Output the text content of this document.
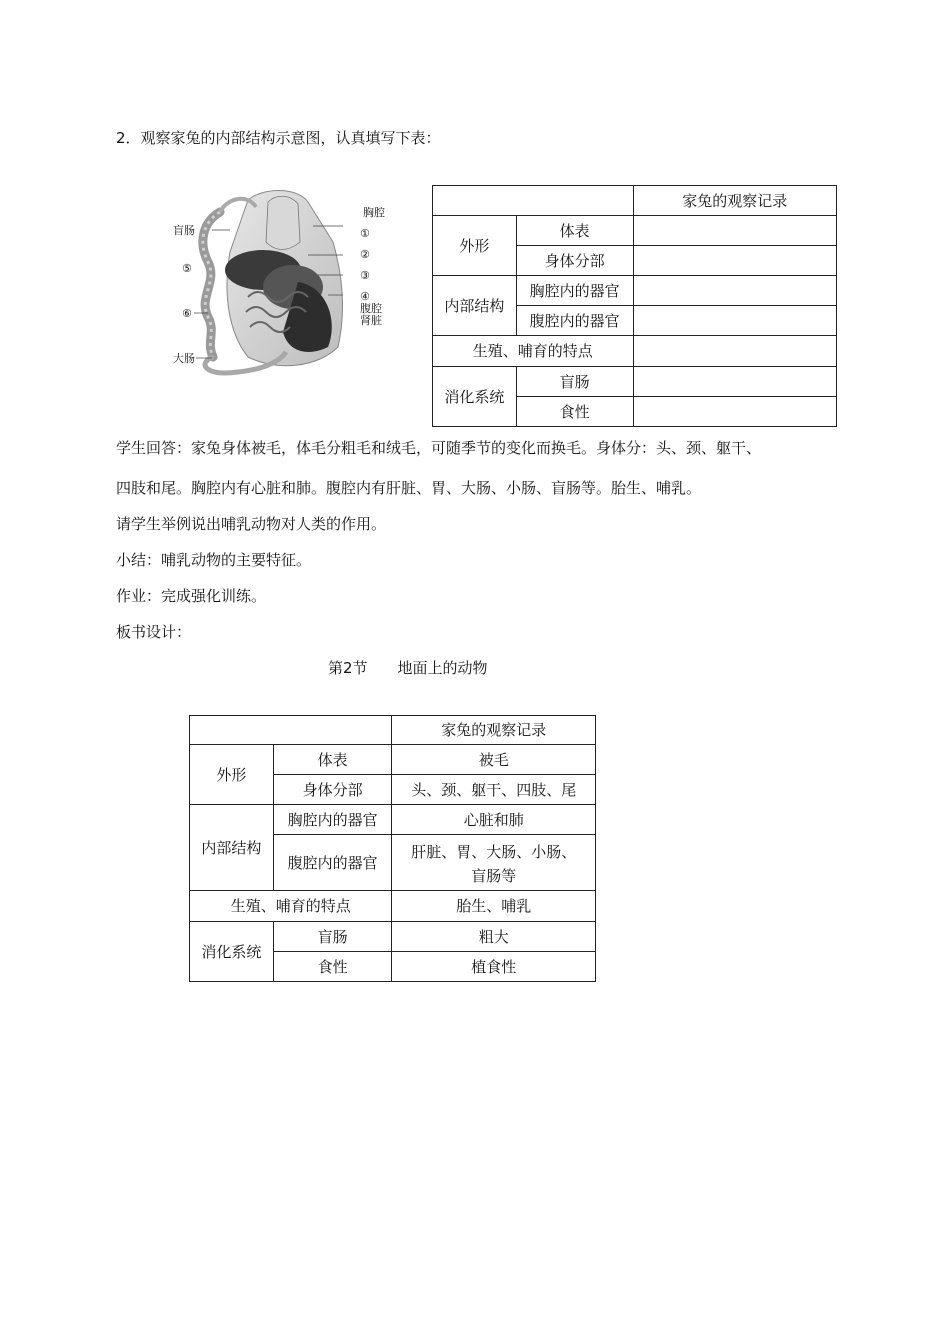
2．观察家兔的内部结构示意图，认真填写下表：
胸腔
盲肠	①
②
③
⑤
④
腹腔
肾脏
⑥
大肠
		家兔的观察记录
外形	体表	
	身体分部	
内部结构	胸腔内的器官	
	腹腔内的器官	
生殖、哺育的特点		
消化系统	盲肠	
	食性	
学生回答：家兔身体被毛，体毛分粗毛和绒毛，可随季节的变化而换毛。身体分：头、颈、躯干、
四肢和尾。胸腔内有心脏和肺。腹腔内有肝脏、胃、大肠、小肠、盲肠等。胎生、哺乳。
请学生举例说出哺乳动物对人类的作用。
小结：哺乳动物的主要特征。
作业：完成强化训练。
板书设计：
第2节　　地面上的动物
		家兔的观察记录
外形	体表	被毛
	身体分部	头、颈、躯干、四肢、尾
内部结构	胸腔内的器官	心脏和肺
	腹腔内的器官	肝脏、胃、大肠、小肠、
盲肠等

生殖、哺育的特点		胎生、哺乳
消化系统	盲肠	粗大
	食性	植食性
